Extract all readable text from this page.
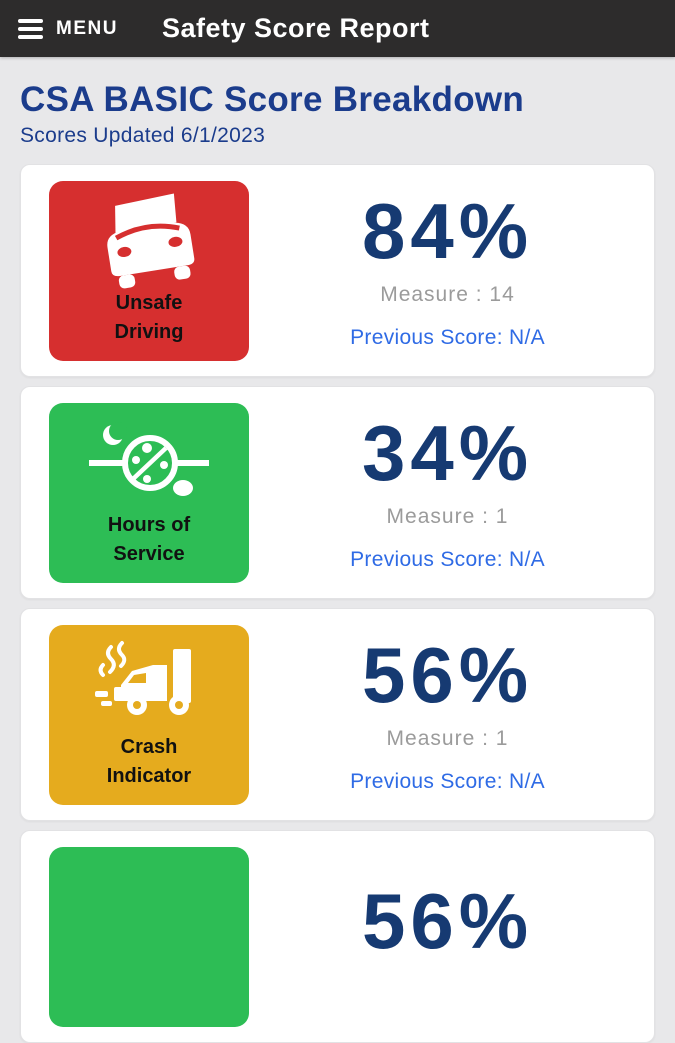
MENU Safety Score Report
CSA BASIC Score Breakdown
Scores Updated 6/1/2023
Unsafe
Driving
84%
Measure : 14
Previous Score: N/A
Hours of
Service
34%
Measure : 1
Previous Score: N/A
Crash
Indicator
56%
Measure : 1
Previous Score: N/A
56%
